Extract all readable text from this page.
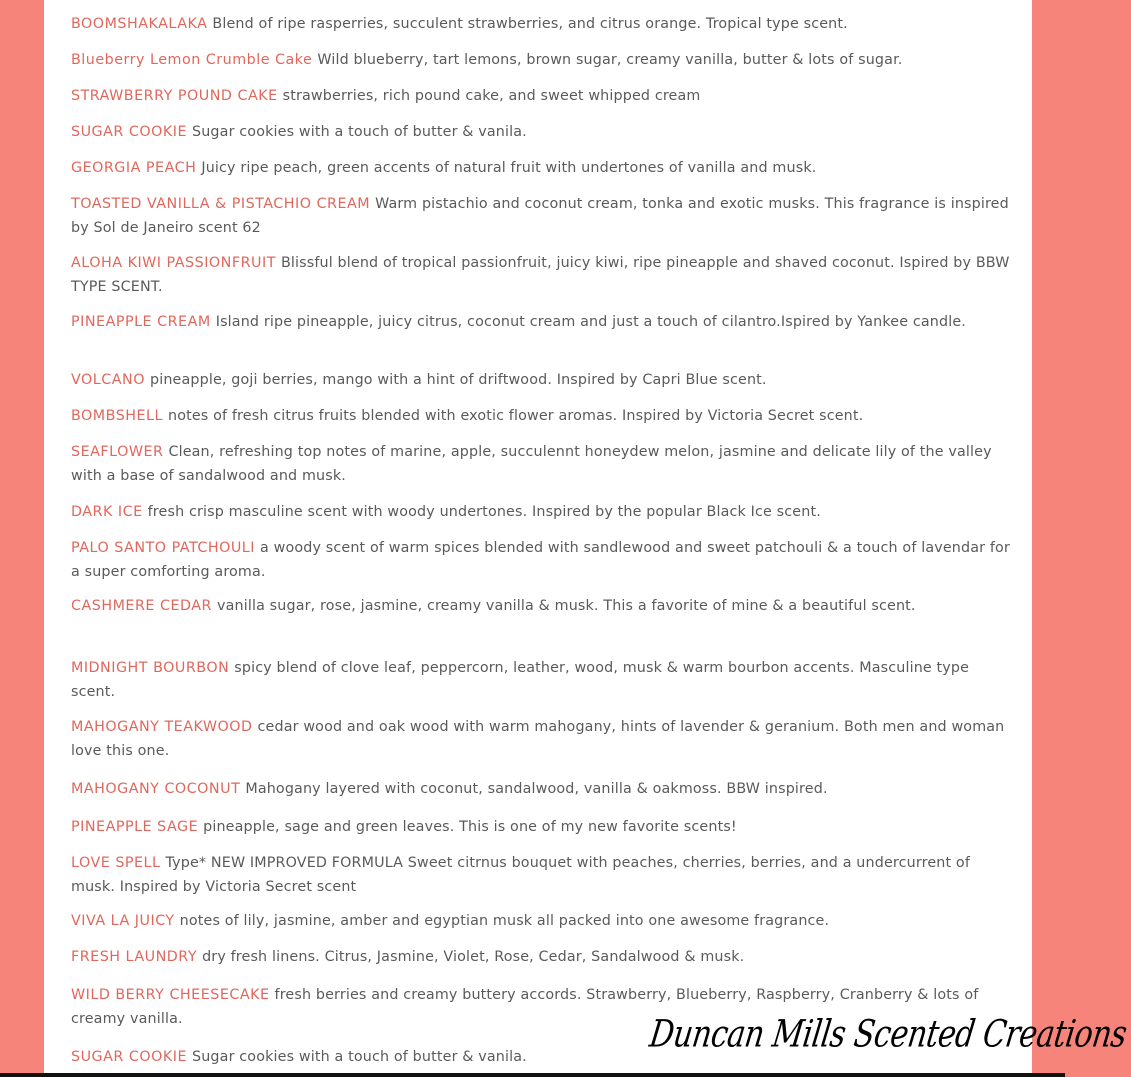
BOOMSHAKALAKA Blend of ripe rasperries, succulent strawberries, and citrus orange. Tropical type scent.
Blueberry Lemon Crumble Cake Wild blueberry, tart lemons, brown sugar, creamy vanilla, butter & lots of sugar.
STRAWBERRY POUND CAKE strawberries, rich pound cake, and sweet whipped cream
SUGAR COOKIE Sugar cookies with a touch of butter & vanila.
GEORGIA PEACH Juicy ripe peach, green accents of natural fruit with undertones of vanilla and musk.
TOASTED VANILLA & PISTACHIO CREAM Warm pistachio and coconut cream, tonka and exotic musks. This fragrance is inspired by Sol de Janeiro scent 62
ALOHA KIWI PASSIONFRUIT Blissful blend of tropical passionfruit, juicy kiwi, ripe pineapple and shaved coconut. Ispired by BBW TYPE SCENT.
PINEAPPLE CREAM Island ripe pineapple, juicy citrus, coconut cream and just a touch of cilantro.Ispired by Yankee candle.
VOLCANO pineapple, goji berries, mango with a hint of driftwood. Inspired by Capri Blue scent.
BOMBSHELL notes of fresh citrus fruits blended with exotic flower aromas. Inspired by Victoria Secret scent.
SEAFLOWER Clean, refreshing top notes of marine, apple, succulennt honeydew melon, jasmine and delicate lily of the valley with a base of sandalwood and musk.
DARK ICE fresh crisp masculine scent with woody undertones. Inspired by the popular Black Ice scent.
PALO SANTO PATCHOULI a woody scent of warm spices blended with sandlewood and sweet patchouli & a touch of lavendar for a super comforting aroma.
CASHMERE CEDAR vanilla sugar, rose, jasmine, creamy vanilla & musk. This a favorite of mine & a beautiful scent.
MIDNIGHT BOURBON spicy blend of clove leaf, peppercorn, leather, wood, musk & warm bourbon accents. Masculine type scent.
MAHOGANY TEAKWOOD cedar wood and oak wood with warm mahogany, hints of lavender & geranium. Both men and woman love this one.
MAHOGANY COCONUT Mahogany layered with coconut, sandalwood, vanilla & oakmoss. BBW inspired.
PINEAPPLE SAGE pineapple, sage and green leaves. This is one of my new favorite scents!
LOVE SPELL Type* NEW IMPROVED FORMULA Sweet citrnus bouquet with peaches, cherries, berries, and a undercurrent of musk. Inspired by Victoria Secret scent
VIVA LA JUICY notes of lily, jasmine, amber and egyptian musk all packed into one awesome fragrance.
FRESH LAUNDRY dry fresh linens. Citrus, Jasmine, Violet, Rose, Cedar, Sandalwood & musk.
WILD BERRY CHEESECAKE fresh berries and creamy buttery accords. Strawberry, Blueberry, Raspberry, Cranberry & lots of creamy vanilla.
SUGAR COOKIE Sugar cookies with a touch of butter & vanila.
Duncan Mills Scented Creations
